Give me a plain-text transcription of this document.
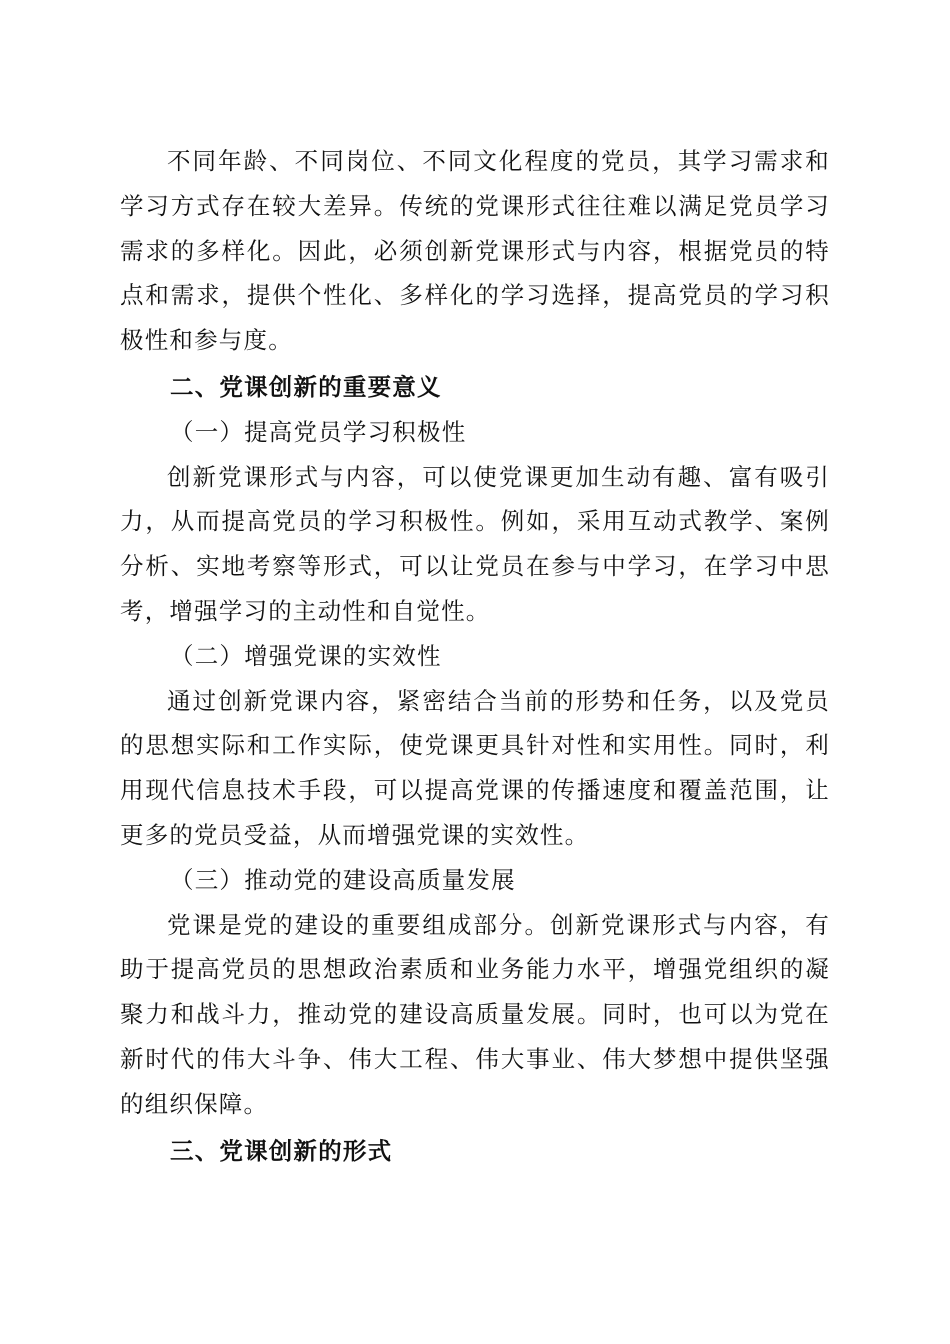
不同年龄、不同岗位、不同文化程度的党员，其学习需求和学习方式存在较大差异。传统的党课形式往往难以满足党员学习需求的多样化。因此，必须创新党课形式与内容，根据党员的特点和需求，提供个性化、多样化的学习选择，提高党员的学习积极性和参与度。

二、党课创新的重要意义

（一）提高党员学习积极性

创新党课形式与内容，可以使党课更加生动有趣、富有吸引力，从而提高党员的学习积极性。例如，采用互动式教学、案例分析、实地考察等形式，可以让党员在参与中学习，在学习中思考，增强学习的主动性和自觉性。

（二）增强党课的实效性

通过创新党课内容，紧密结合当前的形势和任务，以及党员的思想实际和工作实际，使党课更具针对性和实用性。同时，利用现代信息技术手段，可以提高党课的传播速度和覆盖范围，让更多的党员受益，从而增强党课的实效性。

（三）推动党的建设高质量发展

党课是党的建设的重要组成部分。创新党课形式与内容，有助于提高党员的思想政治素质和业务能力水平，增强党组织的凝聚力和战斗力，推动党的建设高质量发展。同时，也可以为党在新时代的伟大斗争、伟大工程、伟大事业、伟大梦想中提供坚强的组织保障。

三、党课创新的形式
